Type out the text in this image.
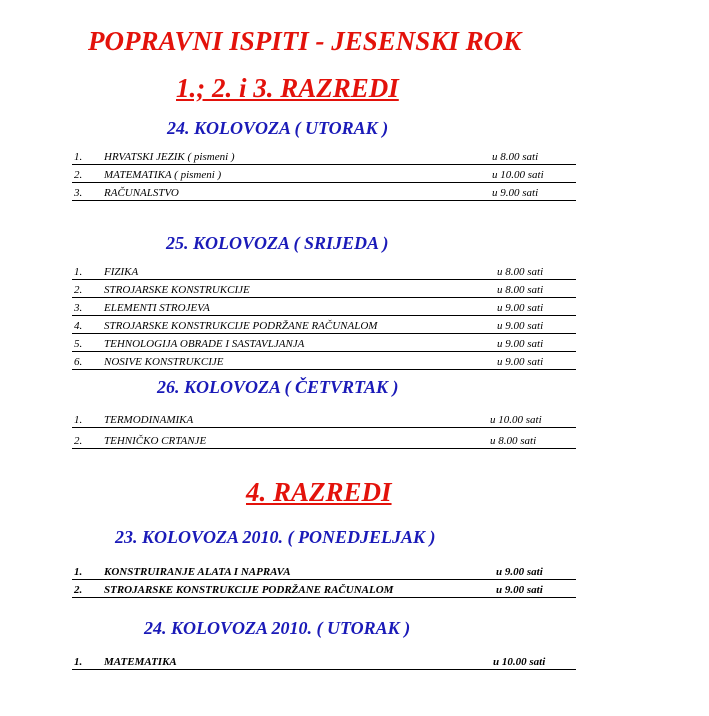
POPRAVNI ISPITI - JESENSKI ROK
1.; 2. i 3. RAZREDI
24. KOLOVOZA ( UTORAK )
1. HRVATSKI JEZIK ( pismeni )	u 8.00 sati
2. MATEMATIKA ( pismeni )	u 10.00 sati
3. RAČUNALSTVO	u 9.00 sati
25. KOLOVOZA ( SRIJEDA )
1. FIZIKA	u 8.00 sati
2. STROJARSKE KONSTRUKCIJE	u 8.00 sati
3. ELEMENTI STROJEVA	u 9.00 sati
4. STROJARSKE KONSTRUKCIJE PODRŽANE RAČUNALOM	u 9.00 sati
5. TEHNOLOGIJA OBRADE I SASTAVLJANJA	u 9.00 sati
6. NOSIVE KONSTRUKCIJE	u 9.00 sati
26. KOLOVOZA ( ČETVRTAK )
1. TERMODINAMIKA	u 10.00 sati
2. TEHNIČKO CRTANJE	u 8.00 sati
4. RAZREDI
23. KOLOVOZA 2010. ( PONEDJELJAK )
1. KONSTRUIRANJE ALATA I NAPRAVA	u 9.00 sati
2. STROJARSKE KONSTRUKCIJE PODRŽANE RAČUNALOM	u 9.00 sati
24. KOLOVOZA 2010. ( UTORAK )
1. MATEMATIKA	u 10.00 sati
